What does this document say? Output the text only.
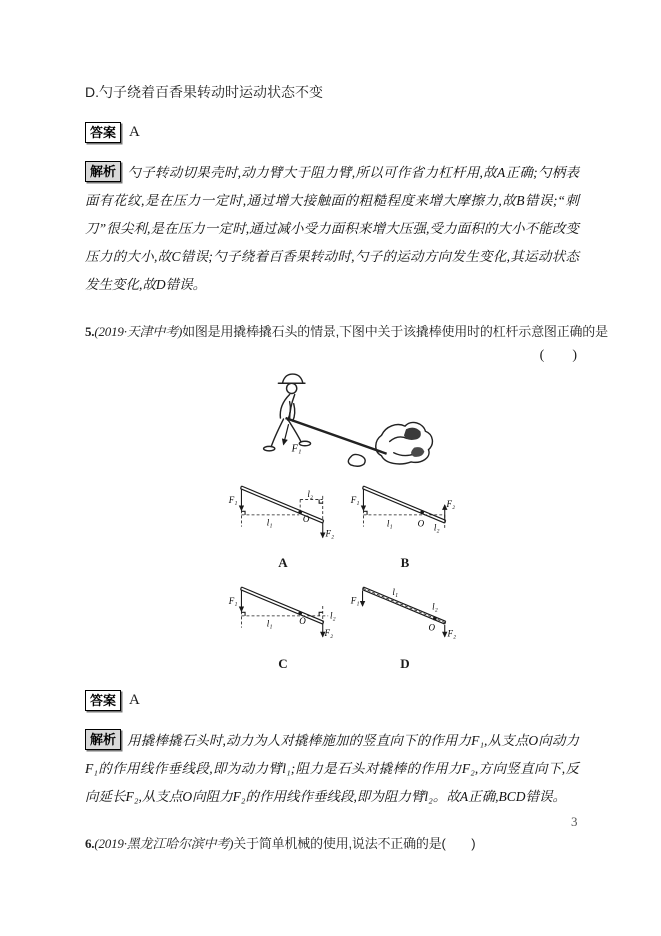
D.勺子绕着百香果转动时运动状态不变

答案 A

解析 勺子转动切果壳时,动力臂大于阻力臂,所以可作省力杠杆用,故A正确;勺柄表面有花纹,是在压力一定时,通过增大接触面的粗糙程度来增大摩擦力,故B错误;“刺刀”很尖利,是在压力一定时,通过减小受力面积来增大压强,受力面积的大小不能改变压力的大小,故C错误;勺子绕着百香果转动时,勺子的运动方向发生变化,其运动状态发生变化,故D错误。

5.(2019·天津中考)如图是用撬棒撬石头的情景,下图中关于该撬棒使用时的杠杆示意图正确的是

(　　)

F₁
F₁
l₁
l₂
O
F₂
A
F₁
l₁	O l₂
F₂
B
F₁
l₁	O
l₂
F₂
C
F₁
l₁
l₂
O
F₂
D
答案 A

解析 用撬棒撬石头时,动力为人对撬棒施加的竖直向下的作用力F₁,从支点O向动力F₁的作用线作垂线段,即为动力臂l₁;阻力是石头对撬棒的作用力F₂,方向竖直向下,反向延长F₂,从支点O向阻力F₂的作用线作垂线段,即为阻力臂l₂。故A正确,BCD错误。

6.(2019·黑龙江哈尔滨中考)关于简单机械的使用,说法不正确的是(　　)

3
